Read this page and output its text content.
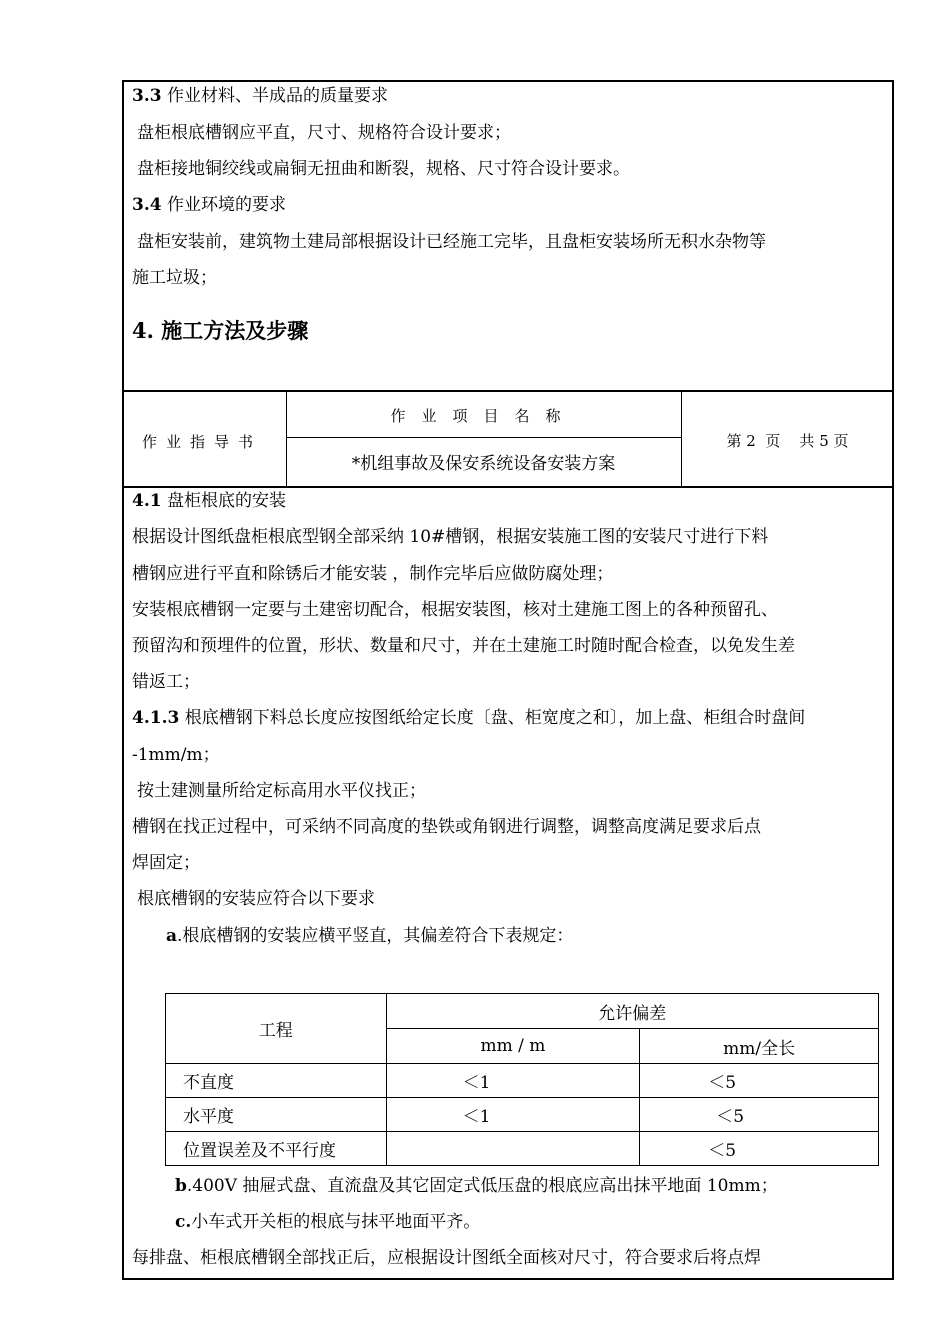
3.3 作业材料、半成品的质量要求
盘柜根底槽钢应平直，尺寸、规格符合设计要求；
盘柜接地铜绞线或扁铜无扭曲和断裂，规格、尺寸符合设计要求。
3.4 作业环境的要求
盘柜安装前，建筑物土建局部根据设计已经施工完毕，且盘柜安装场所无积水杂物等
施工垃圾；
4. 施工方法及步骤
作业指导书
作业项目名称
*机组事故及保安系统设备安装方案
第 2  页    共 5 页
4.1 盘柜根底的安装
根据设计图纸盘柜根底型钢全部采纳 10#槽钢，根据安装施工图的安装尺寸进行下料
槽钢应进行平直和除锈后才能安装 ，制作完毕后应做防腐处理；
安装根底槽钢一定要与土建密切配合，根据安装图，核对土建施工图上的各种预留孔、
预留沟和预埋件的位置，形状、数量和尺寸，并在土建施工时随时配合检查，以免发生差
错返工；
4.1.3 根底槽钢下料总长度应按图纸给定长度〔盘、柜宽度之和〕，加上盘、柜组合时盘间
-1mm/m；
按土建测量所给定标高用水平仪找正；
槽钢在找正过程中，可采纳不同高度的垫铁或角钢进行调整，调整高度满足要求后点
焊固定；
根底槽钢的安装应符合以下要求
a.根底槽钢的安装应横平竖直，其偏差符合下表规定：
工程	允许偏差	
	mm / m	mm/全长
不直度	＜1	＜5
水平度	＜1	＜5
位置误差及不平行度		＜5
b.400V 抽屉式盘、直流盘及其它固定式低压盘的根底应高出抹平地面 10mm；
c.小车式开关柜的根底与抹平地面平齐。
每排盘、柜根底槽钢全部找正后，应根据设计图纸全面核对尺寸，符合要求后将点焊
